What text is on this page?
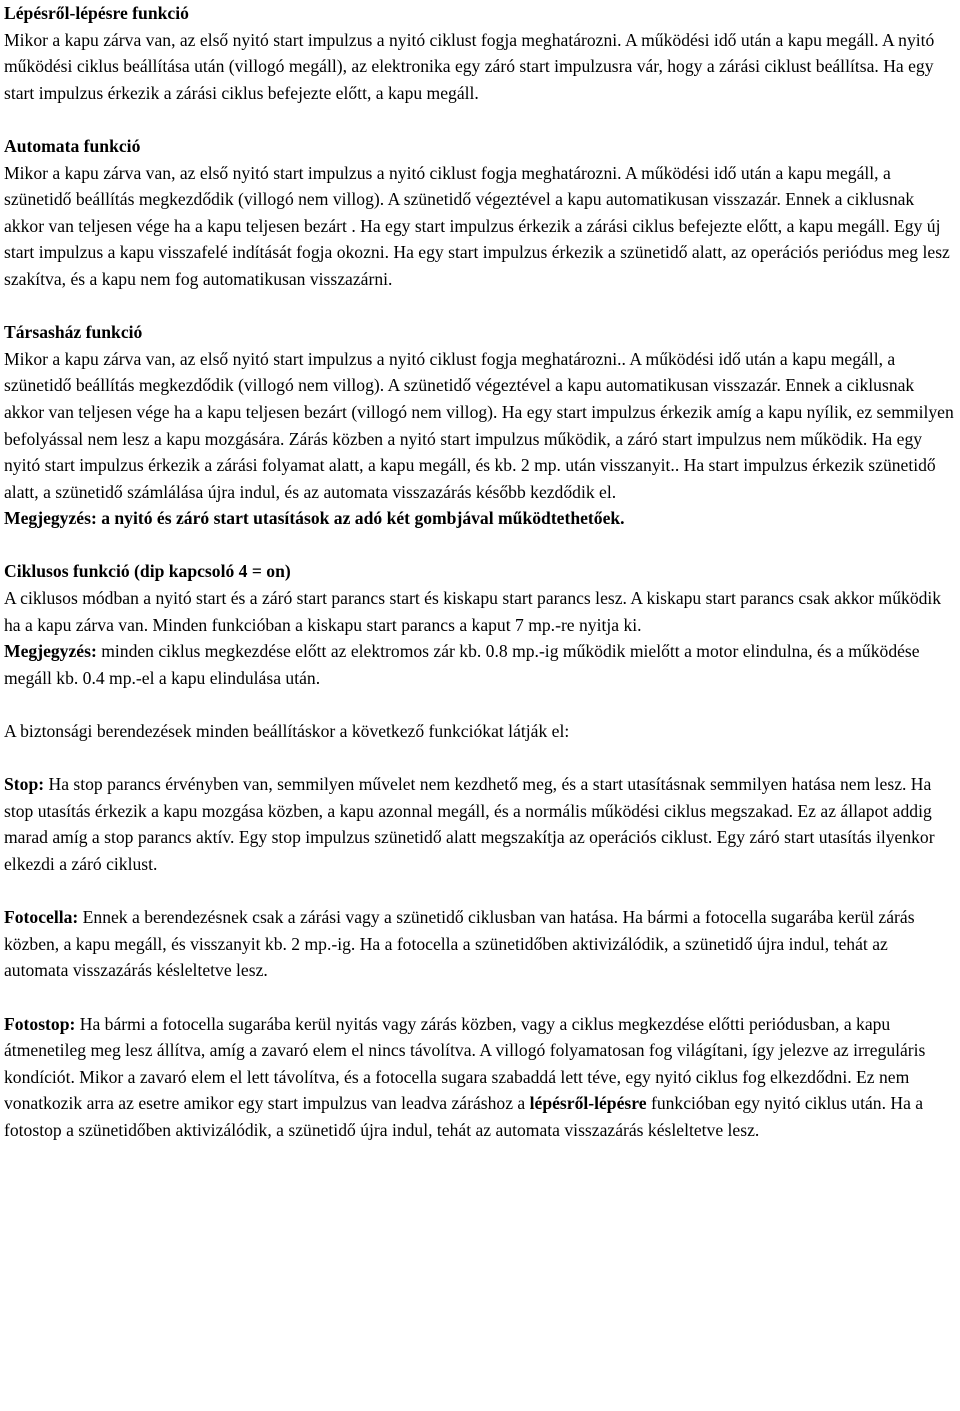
Lépésről-lépésre funkció

Mikor a kapu zárva van, az első nyitó start impulzus a nyitó ciklust fogja meghatározni. A működési idő után a kapu megáll. A nyitó működési ciklus beállítása után (villogó megáll), az elektronika egy záró start impulzusra vár, hogy a zárási ciklust beállítsa. Ha egy start impulzus érkezik a zárási ciklus befejezte előtt, a kapu megáll.

Automata funkció

Mikor a kapu zárva van, az első nyitó start impulzus a nyitó ciklust fogja meghatározni. A működési idő után a kapu megáll, a szünetidő beállítás megkezdődik (villogó nem villog). A szünetidő végeztével a kapu automatikusan visszazár. Ennek a ciklusnak akkor van teljesen vége ha a kapu teljesen bezárt . Ha egy start impulzus érkezik a zárási ciklus befejezte előtt, a kapu megáll. Egy új start impulzus a kapu visszafelé indítását fogja okozni. Ha egy start impulzus érkezik a szünetidő alatt, az operációs periódus meg lesz szakítva, és a kapu nem fog automatikusan visszazárni.

Társasház funkció

Mikor a kapu zárva van, az első nyitó start impulzus a nyitó ciklust fogja meghatározni.. A működési idő után a kapu megáll, a szünetidő beállítás megkezdődik (villogó nem villog). A szünetidő végeztével a kapu automatikusan visszazár. Ennek a ciklusnak akkor van teljesen vége ha a kapu teljesen bezárt (villogó nem villog). Ha egy start impulzus érkezik amíg a kapu nyílik, ez semmilyen befolyással nem lesz a kapu mozgására. Zárás közben a nyitó start impulzus működik, a záró start impulzus nem működik. Ha egy nyitó start impulzus érkezik a zárási folyamat alatt, a kapu megáll, és kb. 2 mp. után visszanyit.. Ha start impulzus érkezik szünetidő alatt, a szünetidő számlálása újra indul, és az automata visszazárás később kezdődik el.

Megjegyzés: a nyitó és záró start utasítások az adó két gombjával működtethetőek.

Ciklusos funkció (dip kapcsoló 4 = on)

A ciklusos módban a nyitó start és a záró start parancs start és kiskapu start parancs lesz. A kiskapu start parancs csak akkor működik ha a kapu zárva van. Minden funkcióban a kiskapu start parancs a kaput 7 mp.-re nyitja ki.

Megjegyzés: minden ciklus megkezdése előtt az elektromos zár kb. 0.8 mp.-ig működik mielőtt a motor elindulna, és a működése megáll kb. 0.4 mp.-el a kapu elindulása után.

A biztonsági berendezések minden beállításkor a következő funkciókat látják el:

Stop: Ha stop parancs érvényben van, semmilyen művelet nem kezdhető meg, és a start utasításnak semmilyen hatása nem lesz. Ha stop utasítás érkezik a kapu mozgása közben, a kapu azonnal megáll, és a normális működési ciklus megszakad. Ez az állapot addig marad amíg a stop parancs aktív. Egy stop impulzus szünetidő alatt megszakítja az operációs ciklust. Egy záró start utasítás ilyenkor elkezdi a záró ciklust.

Fotocella: Ennek a berendezésnek csak a zárási vagy a szünetidő ciklusban van hatása. Ha bármi a fotocella sugarába kerül zárás közben, a kapu megáll, és visszanyit kb. 2 mp.-ig. Ha a fotocella a szünetidőben aktivizálódik, a szünetidő újra indul, tehát az automata visszazárás késleltetve lesz.

Fotostop: Ha bármi a fotocella sugarába kerül nyitás vagy zárás közben, vagy a ciklus megkezdése előtti periódusban, a kapu átmenetileg meg lesz állítva, amíg a zavaró elem el nincs távolítva. A villogó folyamatosan fog világítani, így jelezve az irreguláris kondíciót. Mikor a zavaró elem el lett távolítva, és a fotocella sugara szabaddá lett téve, egy nyitó ciklus fog elkezdődni. Ez nem vonatkozik arra az esetre amikor egy start impulzus van leadva záráshoz a lépésről-lépésre funkcióban egy nyitó ciklus után. Ha a fotostop a szünetidőben aktivizálódik, a szünetidő újra indul, tehát az automata visszazárás késleltetve lesz.
